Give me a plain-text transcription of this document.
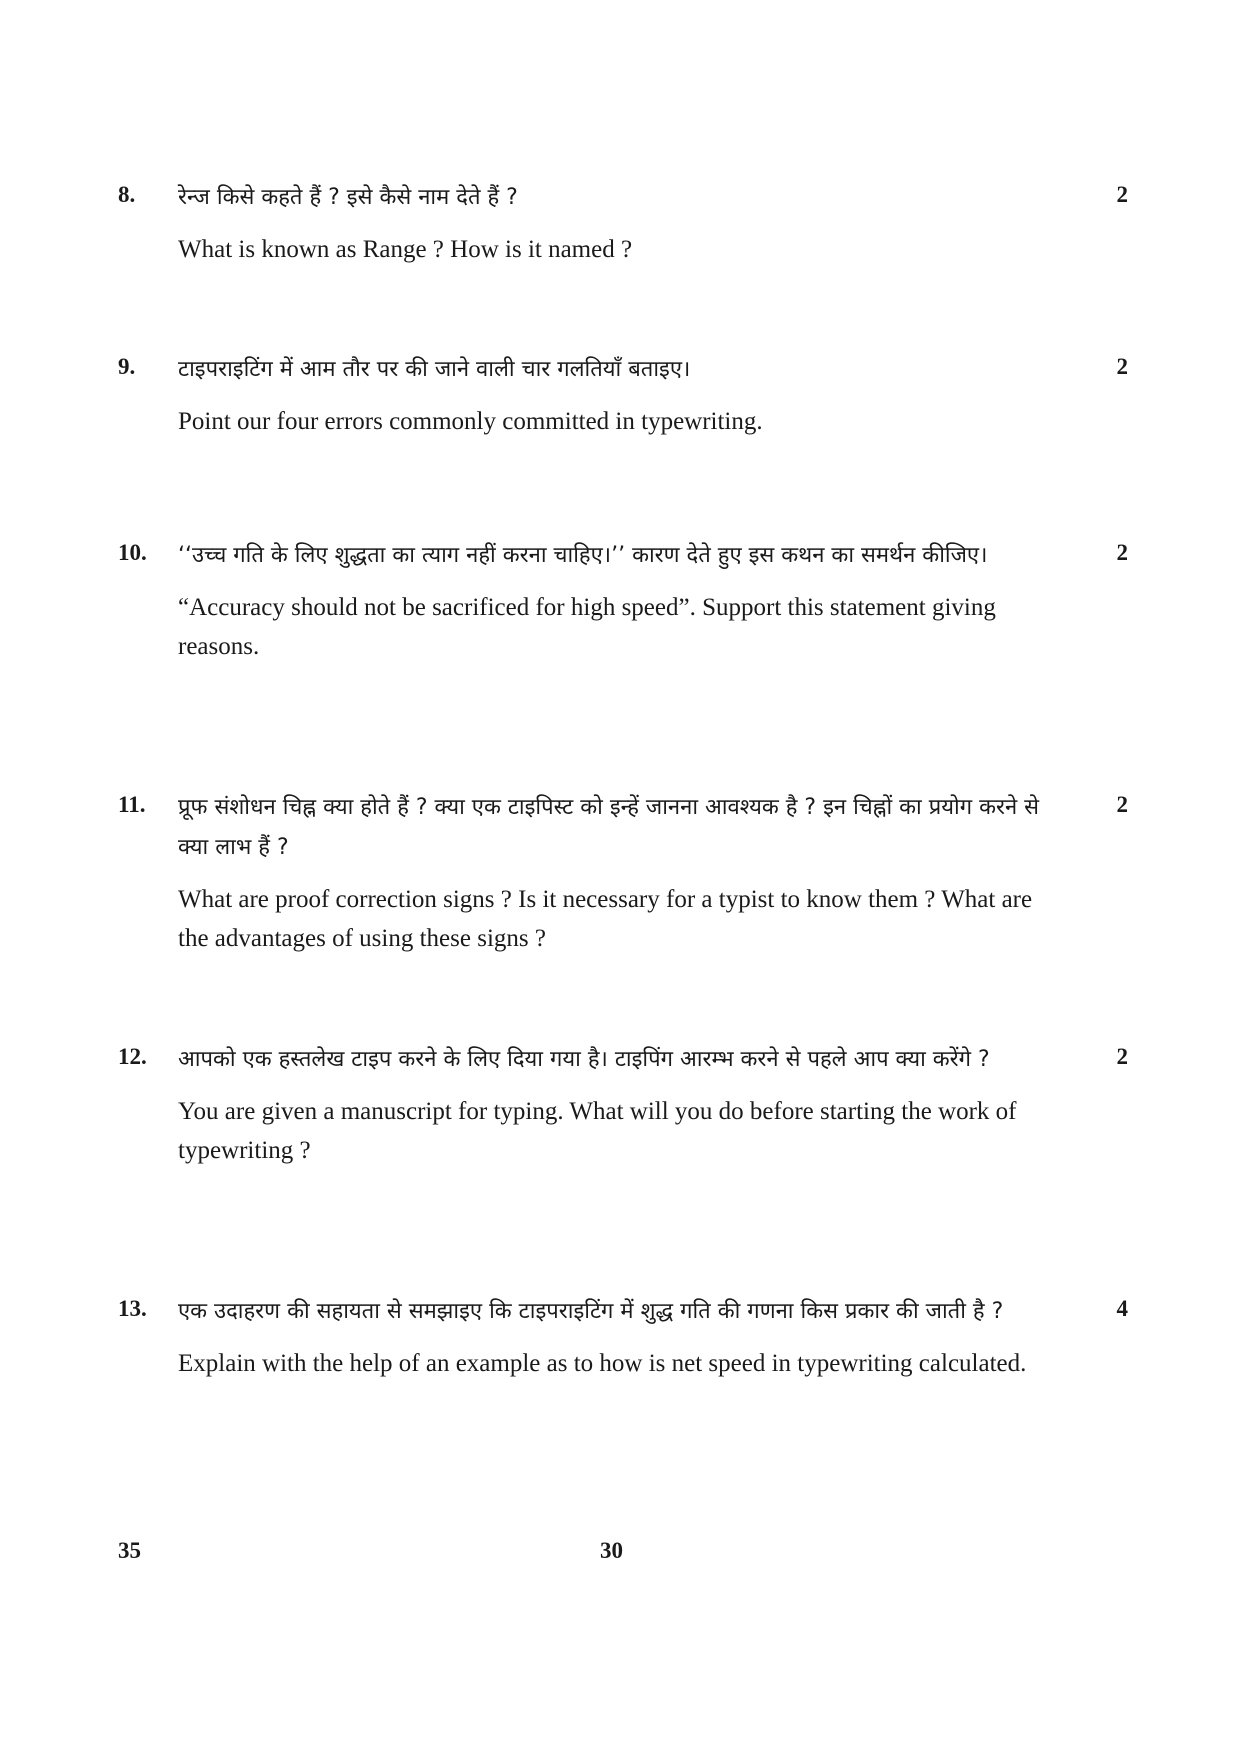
8.	2
रेन्ज किसे कहते हैं ? इसे कैसे नाम देते हैं ?
What is known as Range ? How is it named ?
9.	2
टाइपराइटिंग में आम तौर पर की जाने वाली चार गलतियाँ बताइए।
Point our four errors commonly committed in typewriting.
10.	2
‘‘उच्च गति के लिए शुद्धता का त्याग नहीं करना चाहिए।’’ कारण देते हुए इस कथन का समर्थन कीजिए।
“Accuracy should not be sacrificed for high speed”. Support this statement giving reasons.
11.	2
प्रूफ संशोधन चिह्न क्या होते हैं ? क्या एक टाइपिस्ट को इन्हें जानना आवश्यक है ? इन चिह्नों का प्रयोग करने से क्या लाभ हैं ?
What are proof correction signs ? Is it necessary for a typist to know them ? What are the advantages of using these signs ?
12.	2
आपको एक हस्तलेख टाइप करने के लिए दिया गया है। टाइपिंग आरम्भ करने से पहले आप क्या करेंगे ?
You are given a manuscript for typing. What will you do before starting the work of typewriting ?
13.	4
एक उदाहरण की सहायता से समझाइए कि टाइपराइटिंग में शुद्ध गति की गणना किस प्रकार की जाती है ?
Explain with the help of an example as to how is net speed in typewriting calculated.
35	30
